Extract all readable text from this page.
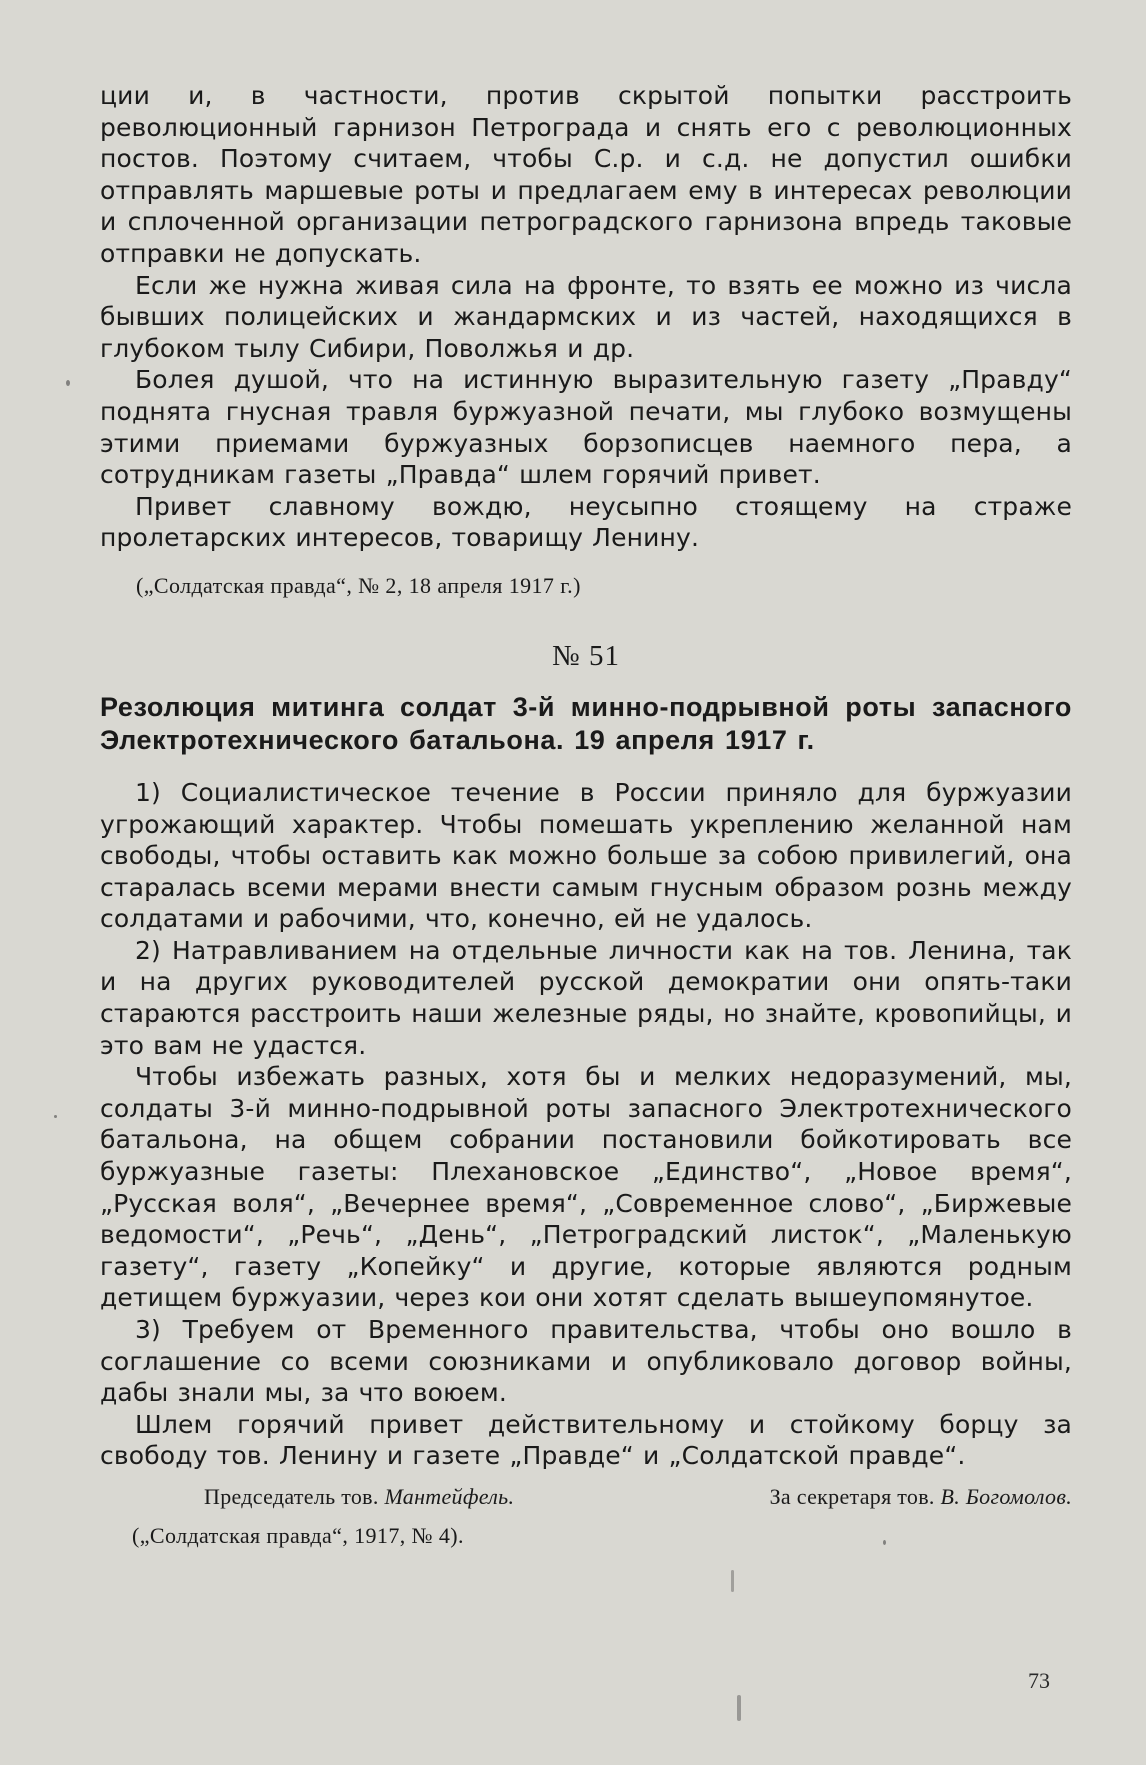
ции и, в частности, против скрытой попытки расстроить революционный гарнизон Петрограда и снять его с революционных постов. Поэтому считаем, чтобы С.р. и с.д. не допустил ошибки отправлять маршевые роты и предлагаем ему в интересах революции и сплоченной организации петроградского гарнизона впредь таковые отправки не допускать.

Если же нужна живая сила на фронте, то взять ее можно из числа бывших полицейских и жандармских и из частей, находящихся в глубоком тылу Сибири, Поволжья и др.

Болея душой, что на истинную выразительную газету „Правду“ поднята гнусная травля буржуазной печати, мы глубоко возмущены этими приемами буржуазных борзописцев наемного пера, а сотрудникам газеты „Правда“ шлем горячий привет.

Привет славному вождю, неусыпно стоящему на страже пролетарских интересов, товарищу Ленину.

(„Солдатская правда“, № 2, 18 апреля 1917 г.)
№ 51
Резолюция митинга солдат 3-й минно-подрывной роты запасного Электротехнического батальона. 19 апреля 1917 г.

1) Социалистическое течение в России приняло для буржуазии угрожающий характер. Чтобы помешать укреплению желанной нам свободы, чтобы оставить как можно больше за собою привилегий, она старалась всеми мерами внести самым гнусным образом рознь между солдатами и рабочими, что, конечно, ей не удалось.

2) Натравливанием на отдельные личности как на тов. Ленина, так и на других руководителей русской демократии они опять-таки стараются расстроить наши железные ряды, но знайте, кровопийцы, и это вам не удастся.

Чтобы избежать разных, хотя бы и мелких недоразумений, мы, солдаты 3-й минно-подрывной роты запасного Электротехнического батальона, на общем собрании постановили бойкотировать все буржуазные газеты: Плехановское „Единство“, „Новое время“, „Русская воля“, „Вечернее время“, „Современное слово“, „Биржевые ведомости“, „Речь“, „День“, „Петроградский листок“, „Маленькую газету“, газету „Копейку“ и другие, которые являются родным детищем буржуазии, через кои они хотят сделать вышеупомянутое.

3) Требуем от Временного правительства, чтобы оно вошло в соглашение со всеми союзниками и опубликовало договор войны, дабы знали мы, за что воюем.

Шлем горячий привет действительному и стойкому борцу за свободу тов. Ленину и газете „Правде“ и „Солдатской правде“.

Председатель тов. Мантейфель.	За секретаря тов. В. Богомолов.
(„Солдатская правда“, 1917, № 4).
73
